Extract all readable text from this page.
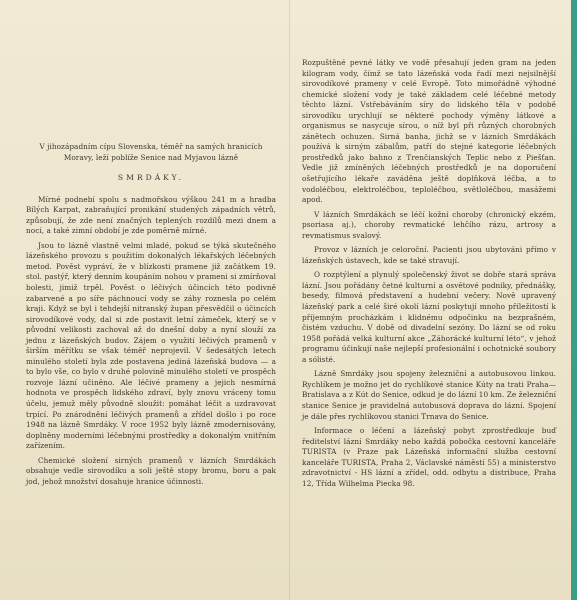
V jihozápadním cípu Slovenska, téměř na samých hranicích Moravy, leží poblíže Senice nad Myjavou lázně

SMRDÁKY.

Mírné podnebí spolu s nadmořskou výškou 241 m a hradba Bílých Karpat, zabraňující pronikání studených západních větrů, způsobují, že zde není značných teplených rozdílů mezi dnem a nocí, a také zimní období je zde poměrně mírné.

Jsou to lázně vlastně velmi mladé, pokud se týká skutečného lázeňského provozu s použitím dokonalých lékařských léčebných metod. Pověst vypráví, že v blízkosti pramene již začátkem 19. stol. pastýř, který denním koupáním nohou v prameni si zmírňoval bolesti, jimiž trpěl. Pověst o léčivých účincích této podivně zabarvené a po síře páchnoucí vody se záhy roznesla po celém kraji. Když se byl i tehdejší nitranský župan přesvědčil o účincích sirovodíkové vody, dal si zde postavit letní zámeček, který se v původní velikosti zachoval až do dnešní doby a nyní slouží za jednu z lázeňských budov. Zájem o využití léčivých pramenů v širším měřítku se však téměř neprojevil. V šedesátých letech minulého století byla zde postavena jediná lázeňská budova — a to bylo vše, co bylo v druhé polovině minulého století ve prospěch rozvoje lázní učiněno. Ale léčivé prameny a jejich nesmírná hodnota ve prospěch lidského zdraví, byly znovu vráceny tomu účelu, jemuž měly původně sloužit: pomáhat léčit a uzdravovat trpící. Po znárodnění léčivých pramenů a zřídel došlo i po roce 1948 na lázně Smrdáky. V roce 1952 byly lázně zmodernisovány, doplněny moderními léčebnými prostředky a dokonalým vnitřním zařízením.

Chemické složení sirných pramenů v lázních Smrdákách obsahuje vedle sirovodíku a soli ještě stopy bromu, boru a pak jod, jehož množství dosahuje hranice účinnosti.

Rozpuštěné pevné látky ve vodě přesahují jeden gram na jeden kilogram vody, čímž se tato lázeňská voda řadí mezi nejsilnější sirovodíkové prameny v celé Evropě. Toto mimořádně výhodné chemické složení vody je také základem celé léčebné metody těchto lázní. Vstřebáváním síry do lidského těla v podobě sirovodíku urychlují se některé pochody výměny látkové a organismus se nasycuje sírou, o níž byl při různých chorobných zánětech ochuzen. Sirná banha, jichž se v lázních Smrdákách používá k sirným zábalům, patří do stejné kategorie léčebných prostředků jako bahno z Trenčianských Teplic nebo z Piešťan. Vedle již zmíněných léčebných prostředků je na doporučení ošetřujícího lékaře zaváděna ještě doplňková léčba, a to vodoléčbou, elektroléčbou, teploléčbou, světloléčbou, masážemi apod.

V lázních Smrdákách se léčí kožní choroby (chronický ekzém, psoriasa aj.), choroby revmatické lehčího rázu, artrosy a revmatismus svalový.

Provoz v lázních je celoroční. Pacienti jsou ubytováni přímo v lázeňských ústavech, kde se také stravují.

O rozptýlení a plynulý společenský život se dobře stará správa lázní. Jsou pořádány četné kulturní a osvětové podniky, přednášky, besedy, filmová představení a hudební večery. Nově upravený lázeňský park a celé širé okolí lázní poskytují mnoho příležitostí k příjemným procházkám i klidnému odpočinku na bezprašném, čistém vzduchu. V době od divadelní sezóny. Do lázní se od roku 1958 pořádá velká kulturní akce „Záhorácké kulturní léto“, v jehož programu účinkují naše nejlepší profesionální i ochotnické soubory a sólisté.

Lázně Smrdáky jsou spojeny železniční a autobusovou linkou. Rychlíkem je možno jet do rychlíkové stanice Kúty na trati Praha—Bratislava a z Kút do Senice, odkud je do lázní 10 km. Ze železniční stanice Senice je pravidelná autobusová doprava do lázní. Spojení je dále přes rychlíkovou stanici Trnava do Senice.

Informace o léčení a lázeňský pobyt zprostředkuje buď ředitelství lázní Smrdáky nebo každá pobočka cestovní kanceláře TURISTA (v Praze pak Lázeňská informační služba cestovní kanceláře TURISTA, Praha 2, Václavské náměstí 55) a ministerstvo zdravotnictví - HS lázní a zřídel, odd. odbytu a distribuce, Praha 12, Třída Wilhelma Piecka 98.
